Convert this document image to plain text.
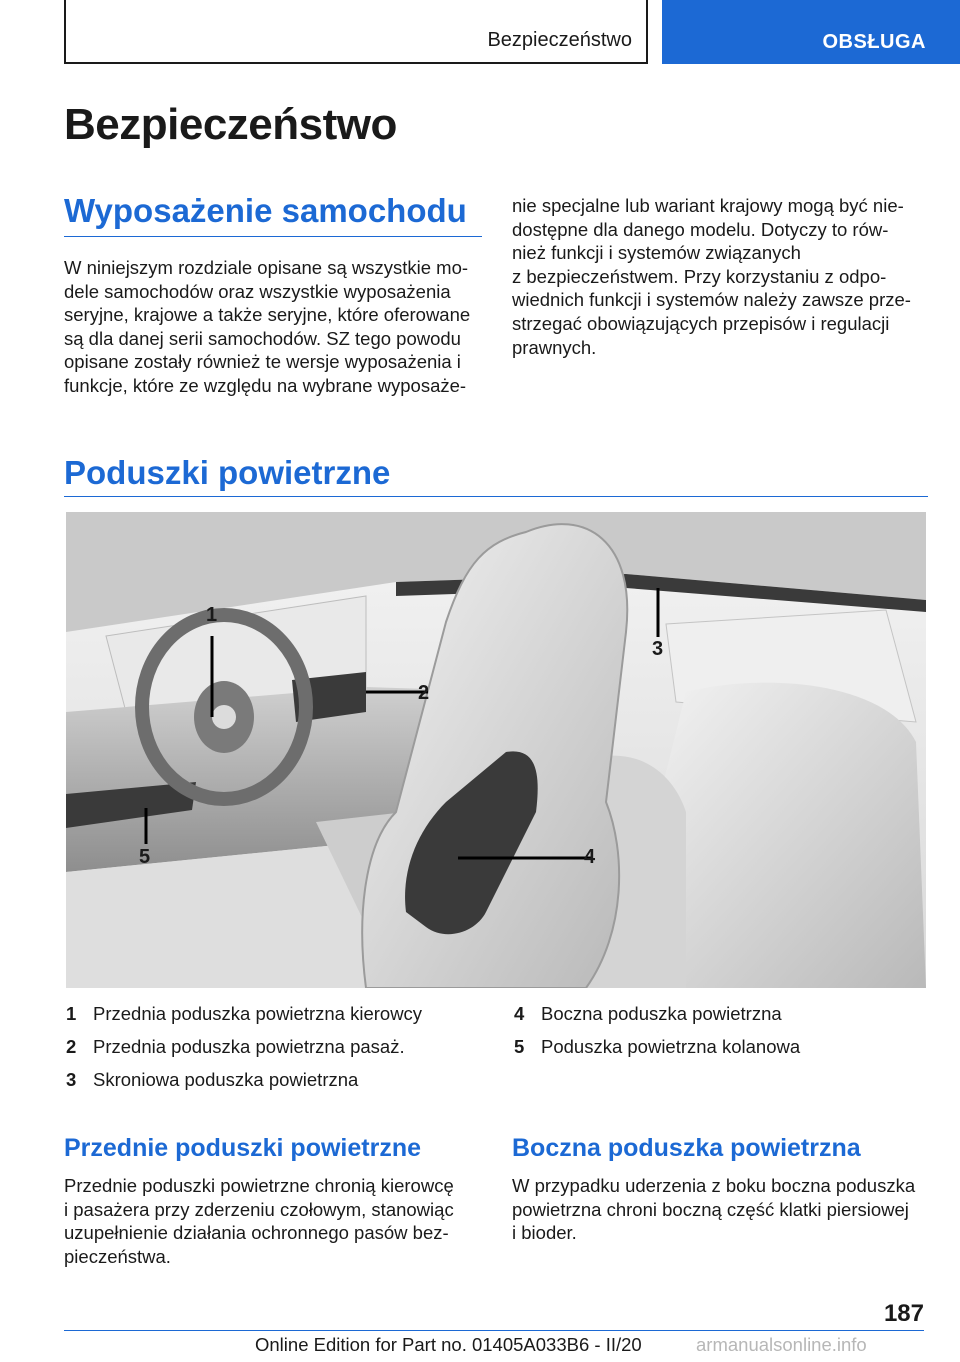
Bezpieczeństwo	OBSŁUGA
Bezpieczeństwo
Wyposażenie samochodu

W niniejszym rozdziale opisane są wszystkie mo‐

dele samochodów oraz wszystkie wyposażenia

seryjne, krajowe a także seryjne, które oferowane

są dla danej serii samochodów. SZ tego powodu

opisane zostały również te wersje wyposażenia i

funkcje, które ze względu na wybrane wyposaże‐

nie specjalne lub wariant krajowy mogą być nie‐

dostępne dla danego modelu. Dotyczy to rów‐

nież funkcji i systemów związanych

z bezpieczeństwem. Przy korzystaniu z odpo‐

wiednich funkcji i systemów należy zawsze prze‐

strzegać obowiązujących przepisów i regulacji

prawnych.

Poduszki powietrzne
1
2
3
4
5
1 Przednia poduszka powietrzna kierowcy
2 Przednia poduszka powietrzna pasaż.
3 Skroniowa poduszka powietrzna
4 Boczna poduszka powietrzna
5 Poduszka powietrzna kolanowa
Przednie poduszki powietrzne

Przednie poduszki powietrzne chronią kierowcę

i pasażera przy zderzeniu czołowym, stanowiąc

uzupełnienie działania ochronnego pasów bez‐

pieczeństwa.

Boczna poduszka powietrzna

W przypadku uderzenia z boku boczna poduszka

powietrzna chroni boczną część klatki piersiowej

i bioder.

187
Online Edition for Part no. 01405A033B6 - II/20	armanualsonline.info
